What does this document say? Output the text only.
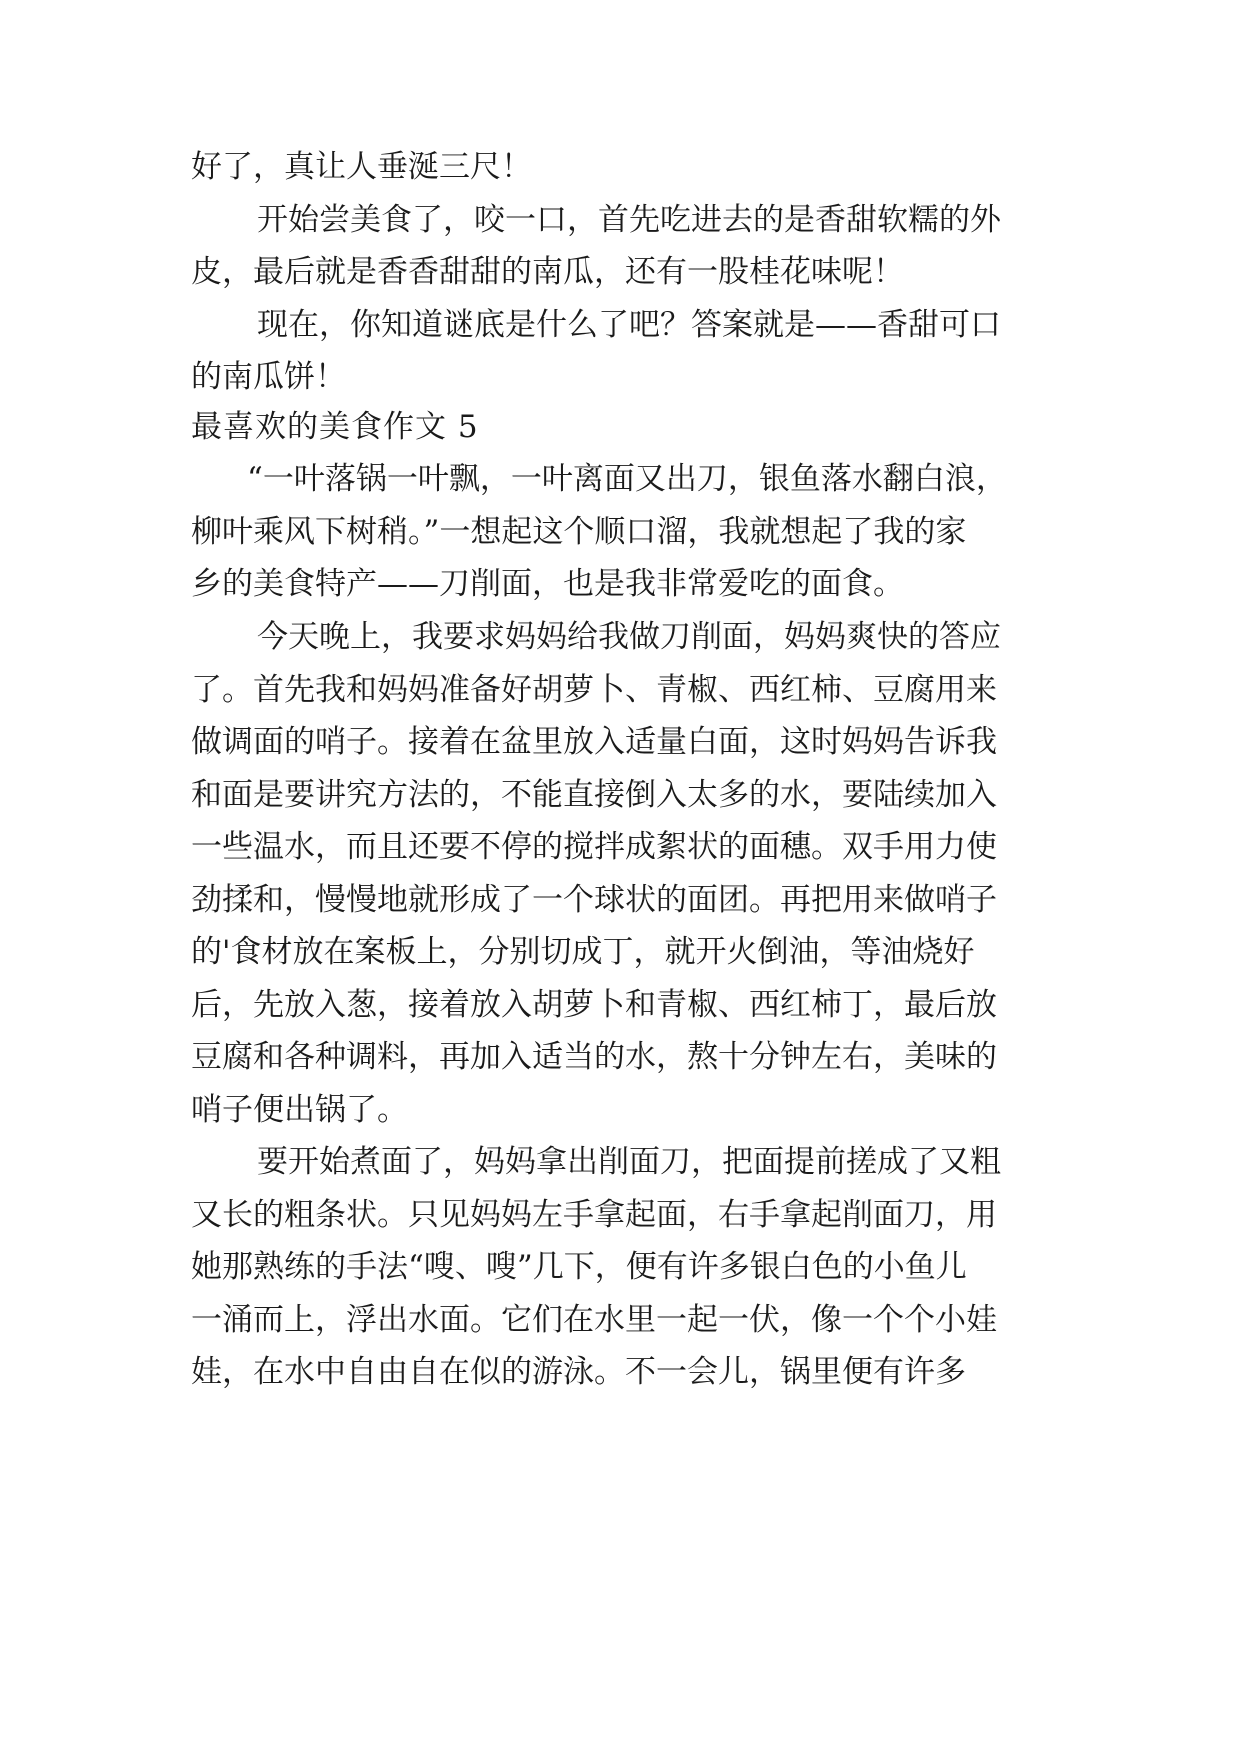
好了，真让人垂涎三尺！
开始尝美食了，咬一口，首先吃进去的是香甜软糯的外
皮，最后就是香香甜甜的南瓜，还有一股桂花味呢！
现在，你知道谜底是什么了吧？答案就是——香甜可口
的南瓜饼！
最喜欢的美食作文 5
“一叶落锅一叶飘，一叶离面又出刀，银鱼落水翻白浪，
柳叶乘风下树稍。”一想起这个顺口溜，我就想起了我的家
乡的美食特产——刀削面，也是我非常爱吃的面食。
今天晚上，我要求妈妈给我做刀削面，妈妈爽快的答应
了。首先我和妈妈准备好胡萝卜、青椒、西红柿、豆腐用来
做调面的哨子。接着在盆里放入适量白面，这时妈妈告诉我
和面是要讲究方法的，不能直接倒入太多的水，要陆续加入
一些温水，而且还要不停的搅拌成絮状的面穗。双手用力使
劲揉和，慢慢地就形成了一个球状的面团。再把用来做哨子
的'食材放在案板上，分别切成丁，就开火倒油，等油烧好
后，先放入葱，接着放入胡萝卜和青椒、西红柿丁，最后放
豆腐和各种调料，再加入适当的水，熬十分钟左右，美味的
哨子便出锅了。
要开始煮面了，妈妈拿出削面刀，把面提前搓成了又粗
又长的粗条状。只见妈妈左手拿起面，右手拿起削面刀，用
她那熟练的手法“嗖、嗖”几下，便有许多银白色的小鱼儿
一涌而上，浮出水面。它们在水里一起一伏，像一个个小娃
娃，在水中自由自在似的游泳。不一会儿，锅里便有许多
